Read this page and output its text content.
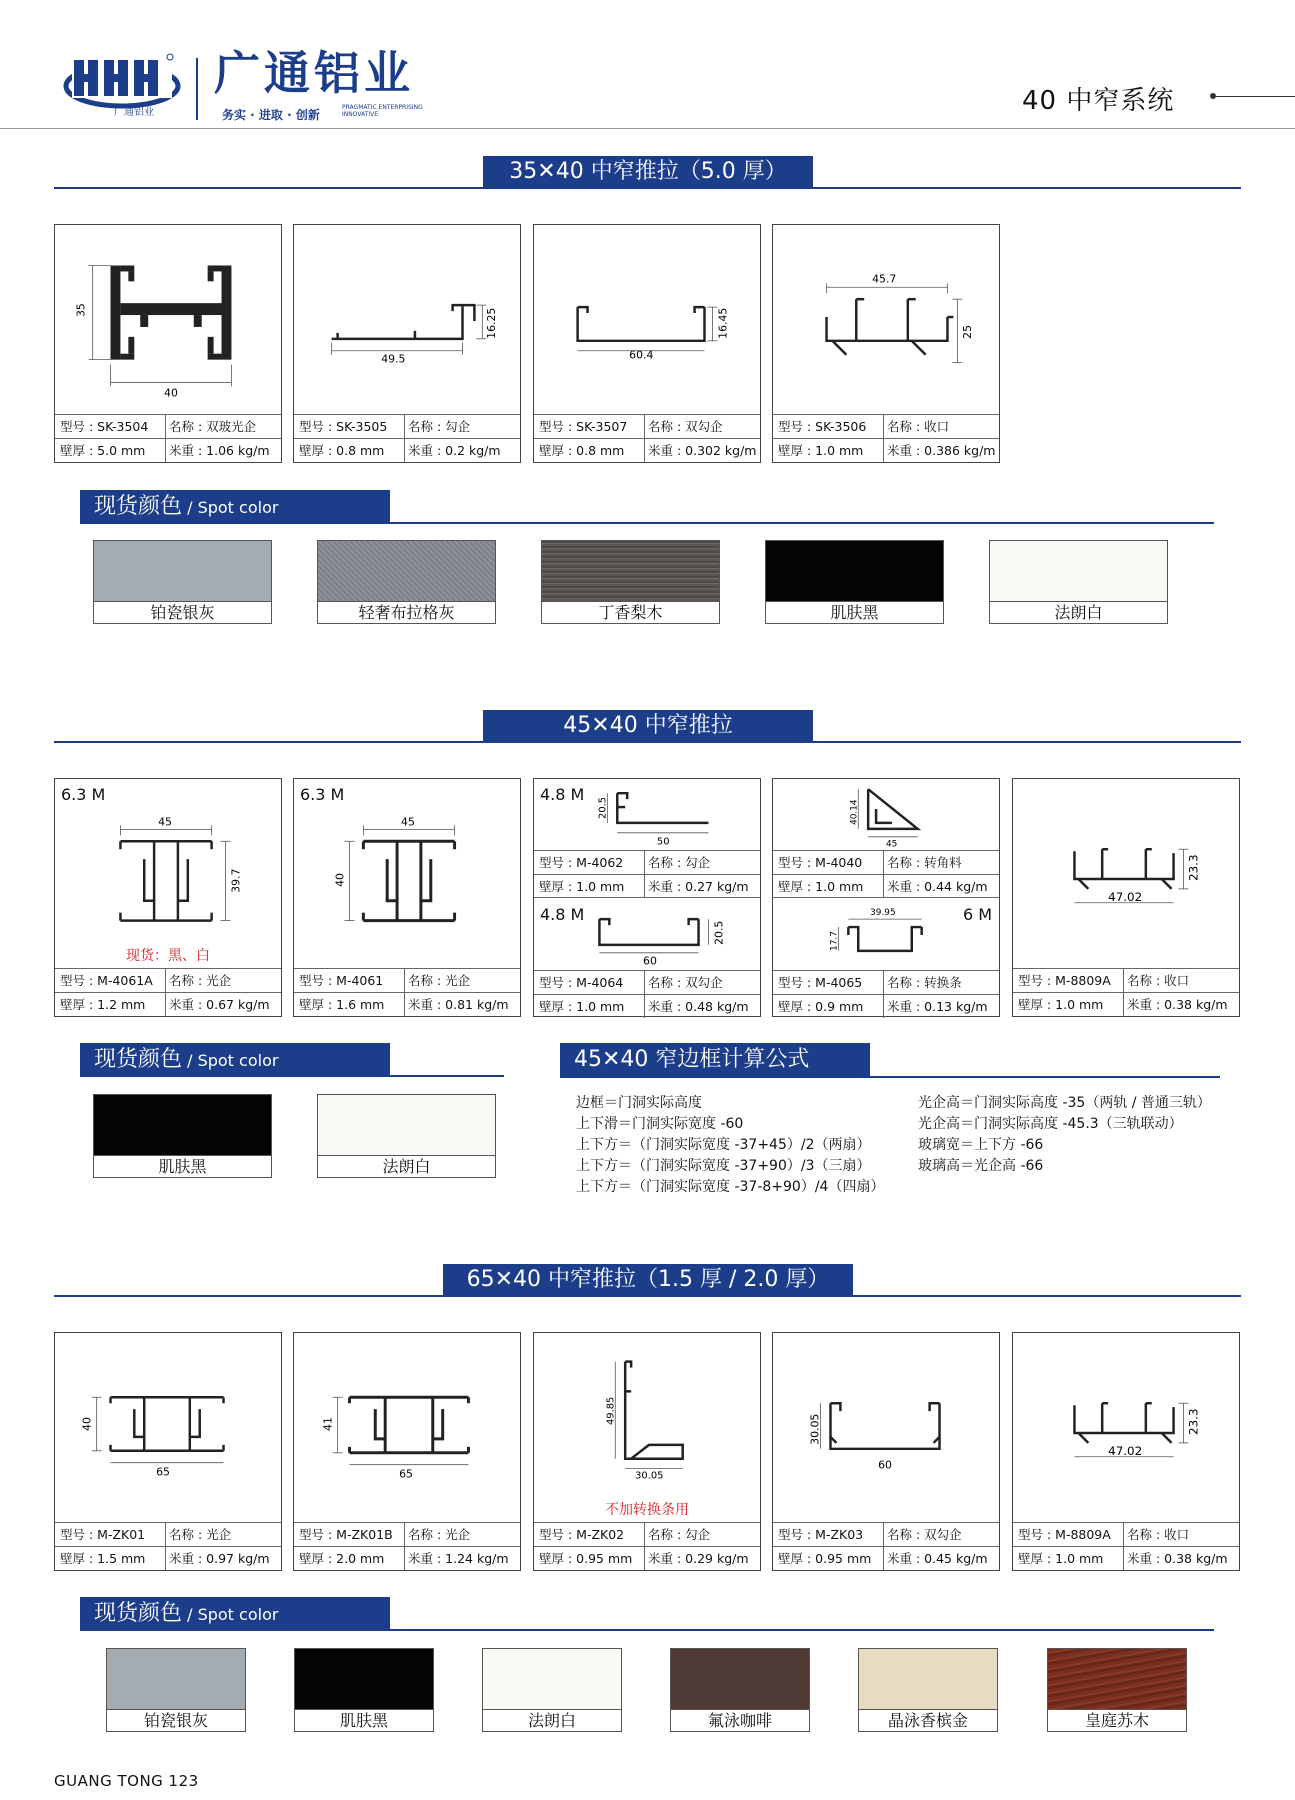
广通铝业
广通铝业
务实 · 进取 · 创新
PRAGMATIC ENTERPRISING
INNOVATIVE	40 中窄系统
35✕40 中窄推拉（5.0 厚）
35
40
型号 : SK-3504 名称 : 双玻光企
壁厚 : 5.0 mm 米重 : 1.06 kg/m
49.5
16.25
型号 : SK-3505 名称 : 勾企
壁厚 : 0.8 mm 米重 : 0.2 kg/m
60.4
16.45
型号 : SK-3507 名称 : 双勾企
壁厚 : 0.8 mm 米重 : 0.302 kg/m
45.7
25
型号 : SK-3506 名称 : 收口
壁厚 : 1.0 mm 米重 : 0.386 kg/m
现货颜色 / Spot color
铂瓷银灰	轻奢布拉格灰	丁香梨木	肌肤黑	法朗白
45✕40 中窄推拉
6.3 M
45
39.7
现货：黑、白
型号 : M-4061A 名称 : 光企
壁厚 : 1.2 mm 米重 : 0.67 kg/m
6.3 M
45
40
型号 : M-4061 名称 : 光企
壁厚 : 1.6 mm 米重 : 0.81 kg/m
4.8 M
50
20.5
型号 : M-4062 名称 : 勾企
壁厚 : 1.0 mm 米重 : 0.27 kg/m
4.8 M
60
20.5
型号 : M-4064 名称 : 双勾企
壁厚 : 1.0 mm 米重 : 0.48 kg/m
45
40.14
型号 : M-4040 名称 : 转角料
壁厚 : 1.0 mm 米重 : 0.44 kg/m
6 M
39.95
17.7
型号 : M-4065 名称 : 转换条
壁厚 : 0.9 mm 米重 : 0.13 kg/m
47.02
23.3
型号 : M-8809A 名称 : 收口
壁厚 : 1.0 mm 米重 : 0.38 kg/m
现货颜色 / Spot color
肌肤黑	法朗白
45✕40 窄边框计算公式
边框＝门洞实际高度
上下滑＝门洞实际宽度 -60
上下方＝（门洞实际宽度 -37+45）/2（两扇）
上下方＝（门洞实际宽度 -37+90）/3（三扇）
上下方＝（门洞实际宽度 -37-8+90）/4（四扇）
光企高＝门洞实际高度 -35（两轨 / 普通三轨）
光企高＝门洞实际高度 -45.3（三轨联动）
玻璃宽＝上下方 -66
玻璃高＝光企高 -66
65✕40 中窄推拉（1.5 厚 / 2.0 厚）
65
40
型号 : M-ZK01 名称 : 光企
壁厚 : 1.5 mm 米重 : 0.97 kg/m
65
41
型号 : M-ZK01B 名称 : 光企
壁厚 : 2.0 mm 米重 : 1.24 kg/m
30.05
49.85
不加转换条用
型号 : M-ZK02 名称 : 勾企
壁厚 : 0.95 mm 米重 : 0.29 kg/m
60
30.05
型号 : M-ZK03 名称 : 双勾企
壁厚 : 0.95 mm 米重 : 0.45 kg/m
47.02
23.3
型号 : M-8809A 名称 : 收口
壁厚 : 1.0 mm 米重 : 0.38 kg/m
现货颜色 / Spot color
铂瓷银灰	肌肤黑	法朗白	氟泳咖啡	晶泳香槟金	皇庭苏木
GUANG TONG 123
